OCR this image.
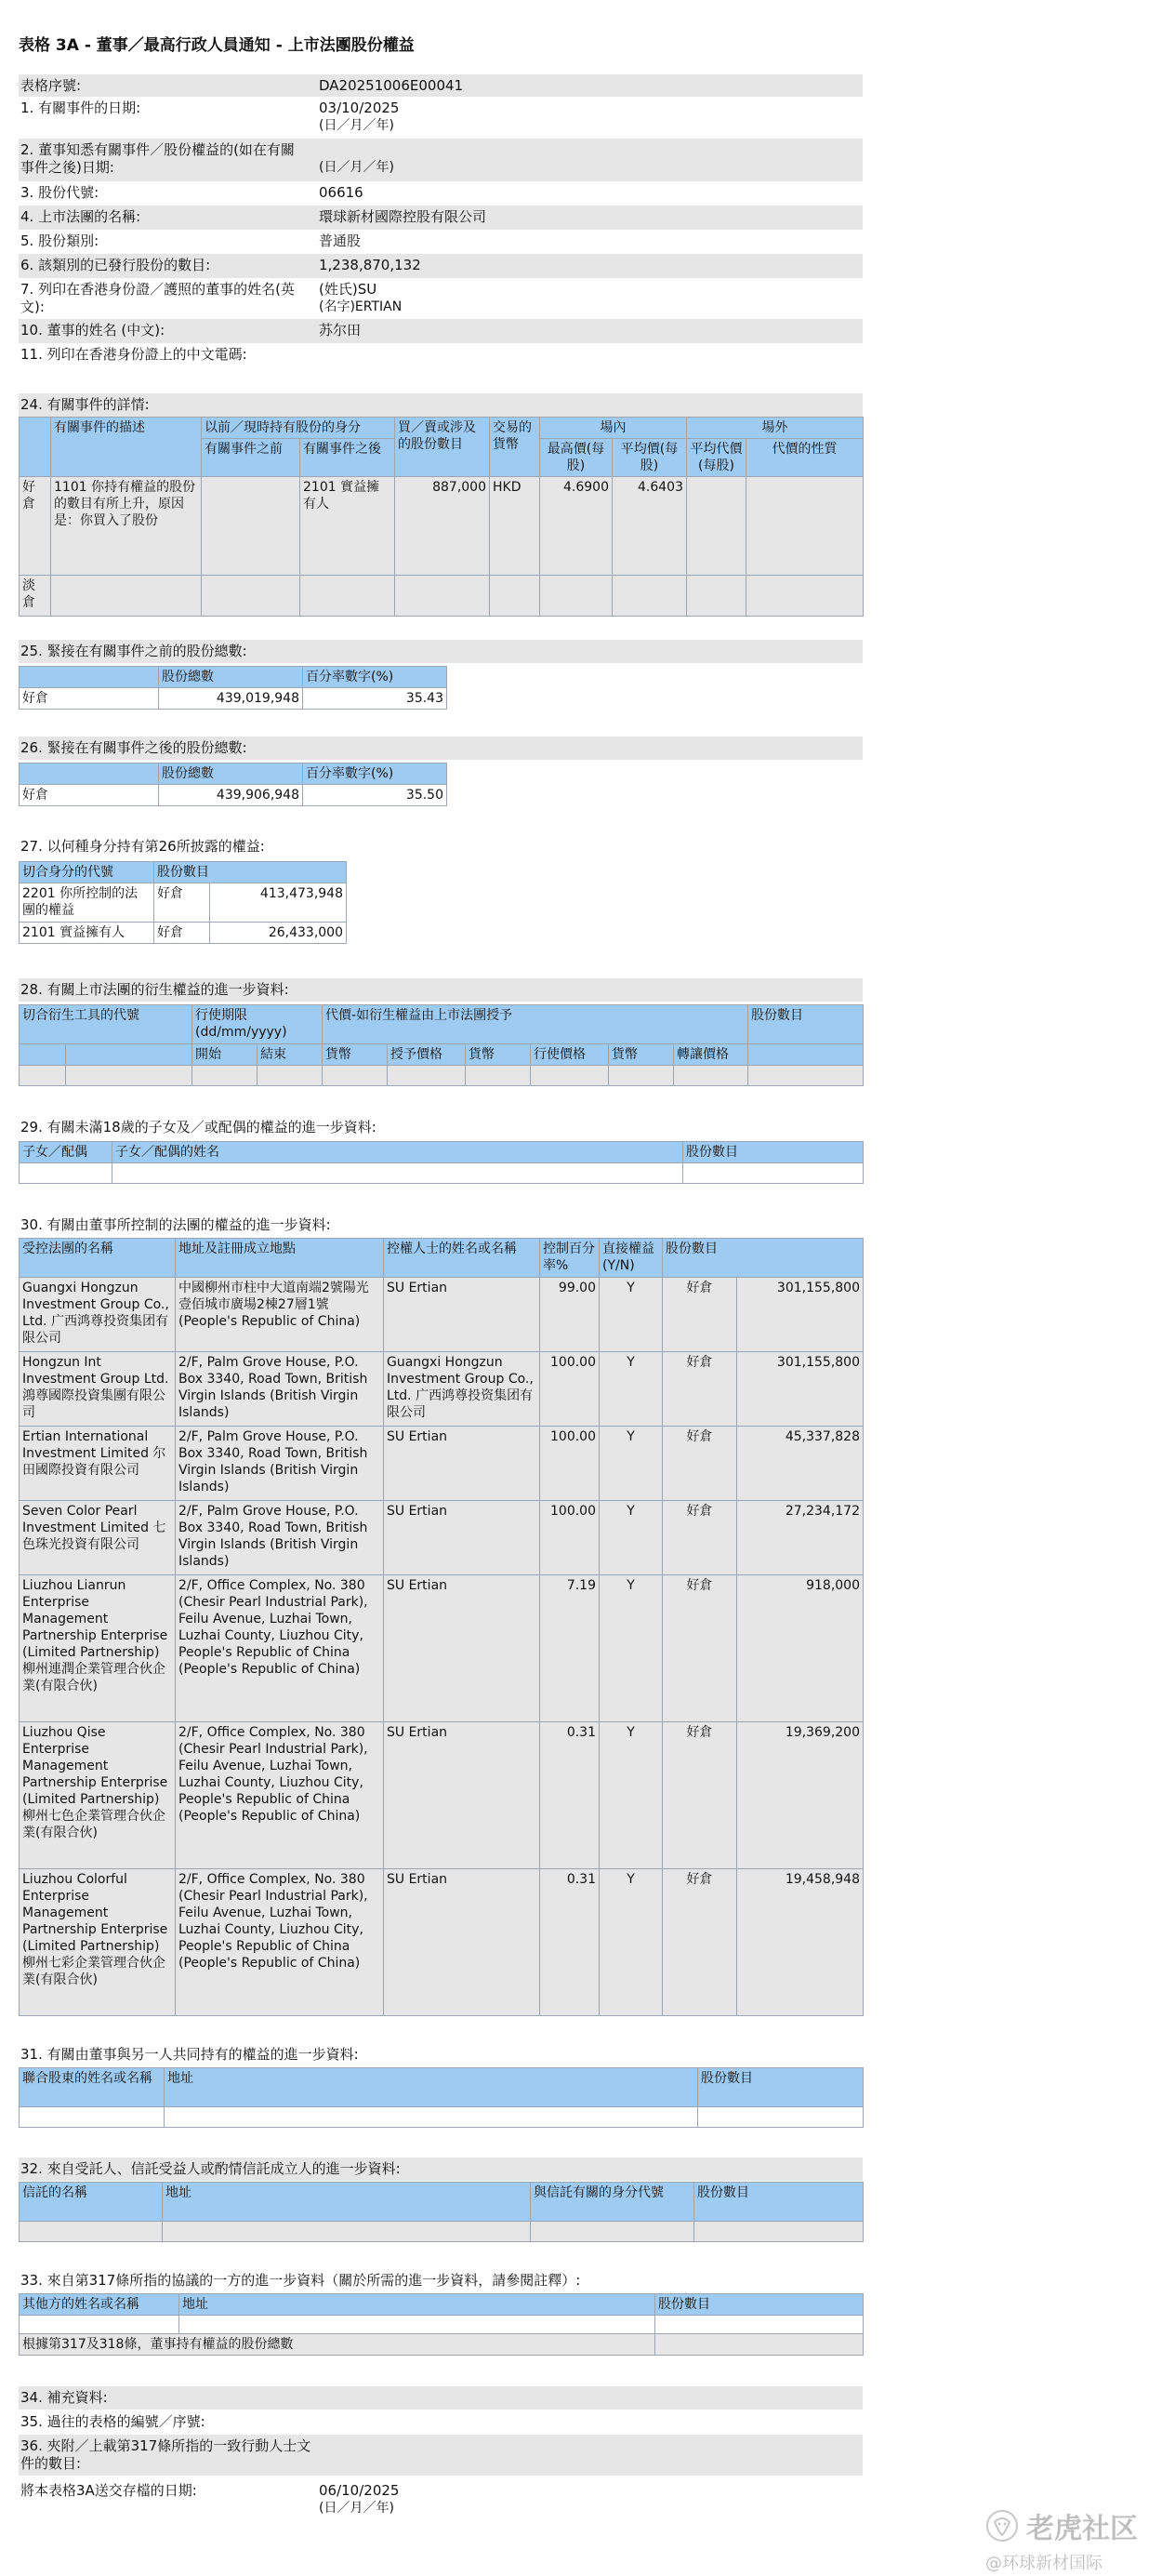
表格 3A - 董事／最高行政人員通知 - 上市法團股份權益
表格序號:	DA20251006E00041
1. 有關事件的日期:	03/10/2025
(日／月／年)
2. 董事知悉有關事件／股份權益的(如在有關事件之後)日期:	(日／月／年)
3. 股份代號:	06616
4. 上市法團的名稱:	環球新材國際控股有限公司
5. 股份類別:	普通股
6. 該類別的已發行股份的數目:	1,238,870,132
7. 列印在香港身份證／護照的董事的姓名(英文):
(姓氏)SU
(名字)ERTIAN
10. 董事的姓名 (中文):	苏尔田
11. 列印在香港身份證上的中文電碼:
24. 有關事件的詳情:
	有關事件的描述	以前／現時持有股份的身分		買／賣或涉及的股份數目	交易的貨幣	場內		場外	
		有關事件之前	有關事件之後			最高價(每股)	平均價(每股)	平均代價(每股)	代價的性質
好倉	1101 你持有權益的股份的數目有所上升，原因是：你買入了股份		2101 實益擁有人	887,000	HKD	4.6900	4.6403		
淡倉									
25. 緊接在有關事件之前的股份總數:
	股份總數	百分率數字(%)
好倉	439,019,948	35.43
26. 緊接在有關事件之後的股份總數:
	股份總數	百分率數字(%)
好倉	439,906,948	35.50
27. 以何種身分持有第26所披露的權益:
切合身分的代號	股份數目	
2201 你所控制的法團的權益	好倉	413,473,948
2101 實益擁有人	好倉	26,433,000
28. 有關上市法團的衍生權益的進一步資料:
切合衍生工具的代號		行使期限(dd/mm/yyyy)		代價-如衍生權益由上市法團授予						股份數目
		開始	結束	貨幣	授予價格	貨幣	行使價格	貨幣	轉讓價格	

29. 有關未滿18歲的子女及／或配偶的權益的進一步資料:
子女／配偶	子女／配偶的姓名	股份數目

30. 有關由董事所控制的法團的權益的進一步資料:
受控法團的名稱	地址及註冊成立地點	控權人士的姓名或名稱	控制百分率%	直接權益(Y/N)	股份數目	
Guangxi Hongzun Investment Group Co., Ltd. 广西鸿尊投资集团有限公司	中國柳州市柱中大道南端2號陽光壹佰城市廣場2棟27層1號(People's Republic of China)	SU Ertian	99.00	Y	好倉	301,155,800
Hongzun Int Investment Group Ltd. 鴻尊國際投資集團有限公司	2/F, Palm Grove House, P.O. Box 3340, Road Town, British Virgin Islands (British Virgin Islands)	Guangxi Hongzun Investment Group Co., Ltd. 广西鸿尊投资集团有限公司	100.00	Y	好倉	301,155,800
Ertian International Investment Limited 尔田國際投資有限公司	2/F, Palm Grove House, P.O. Box 3340, Road Town, British Virgin Islands (British Virgin Islands)	SU Ertian	100.00	Y	好倉	45,337,828
Seven Color Pearl Investment Limited 七色珠光投資有限公司	2/F, Palm Grove House, P.O. Box 3340, Road Town, British Virgin Islands (British Virgin Islands)	SU Ertian	100.00	Y	好倉	27,234,172
Liuzhou Lianrun Enterprise Management Partnership Enterprise (Limited Partnership) 柳州連潤企業管理合伙企業(有限合伙)	2/F, Office Complex, No. 380 (Chesir Pearl Industrial Park), Feilu Avenue, Luzhai Town, Luzhai County, Liuzhou City, People's Republic of China (People's Republic of China)	SU Ertian	7.19	Y	好倉	918,000
Liuzhou Qise Enterprise Management Partnership Enterprise (Limited Partnership) 柳州七色企業管理合伙企業(有限合伙)	2/F, Office Complex, No. 380 (Chesir Pearl Industrial Park), Feilu Avenue, Luzhai Town, Luzhai County, Liuzhou City, People's Republic of China (People's Republic of China)	SU Ertian	0.31	Y	好倉	19,369,200
Liuzhou Colorful Enterprise Management Partnership Enterprise (Limited Partnership) 柳州七彩企業管理合伙企業(有限合伙)	2/F, Office Complex, No. 380 (Chesir Pearl Industrial Park), Feilu Avenue, Luzhai Town, Luzhai County, Liuzhou City, People's Republic of China (People's Republic of China)	SU Ertian	0.31	Y	好倉	19,458,948
31. 有關由董事與另一人共同持有的權益的進一步資料:
聯合股東的姓名或名稱	地址	股份數目

32. 來自受託人、信託受益人或酌情信託成立人的進一步資料:
信託的名稱	地址	與信託有關的身分代號	股份數目

33. 來自第317條所指的協議的一方的進一步資料（關於所需的進一步資料，請參閱註釋）:
其他方的姓名或名稱	地址	股份數目

根據第317及318條，董事持有權益的股份總數		
34. 補充資料:
35. 過往的表格的編號／序號:
36. 夾附／上載第317條所指的一致行動人士文件的數目:
將本表格3A送交存檔的日期:	06/10/2025
(日／月／年)
老虎社区
@环球新材国际
